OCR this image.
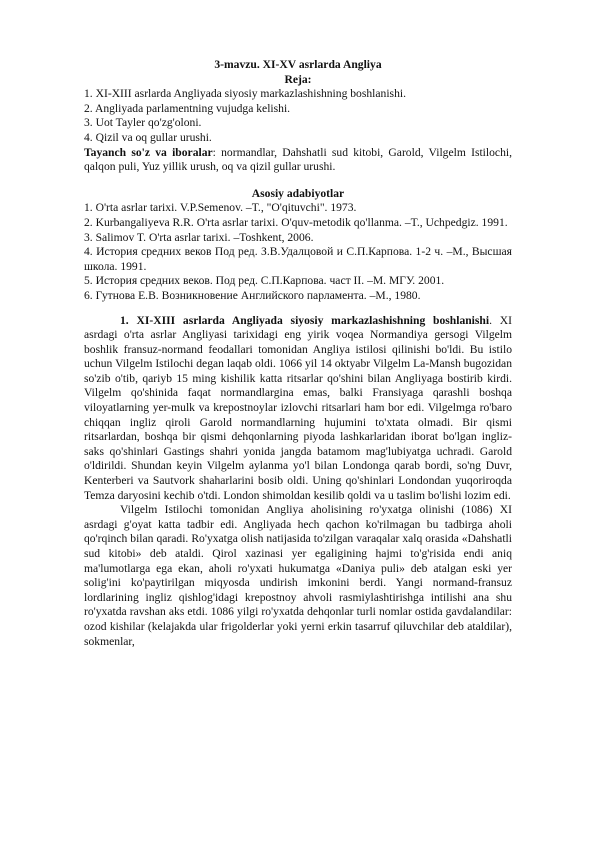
3-mavzu. XI-XV asrlarda Angliya

Reja:

1. XI-XIII asrlarda Angliyada siyosiy markazlashishning boshlanishi.

2. Angliyada parlamentning vujudga kelishi.

3. Uot Tayler qo'zg'oloni.

4. Qizil va oq gullar urushi.

Tayanch so'z va iboralar: normandlar, Dahshatli sud kitobi, Garold, Vilgelm Istilochi, qalqon puli, Yuz yillik urush, oq va qizil gullar urushi.

Asosiy adabiyotlar

1. O'rta asrlar tarixi. V.P.Semenov. –T., "O'qituvchi". 1973.

2. Kurbangaliyeva R.R. O'rta asrlar tarixi. O'quv-metodik qo'llanma. –T., Uchpedgiz. 1991.

3. Salimov T. O'rta asrlar tarixi. –Toshkent, 2006.

4. История средних веков Под ред. З.В.Удалцовой и С.П.Карпова. 1-2 ч. –М., Высшая школа. 1991.

5. История средних веков. Под ред. С.П.Карпова. част II. –М. МГУ. 2001.

6. Гутнова Е.В. Возникновение Английского парламента. –М., 1980.

1. XI-XIII asrlarda Angliyada siyosiy markazlashishning boshlanishi. XI asrdagi o'rta asrlar Angliyasi tarixidagi eng yirik voqea Normandiya gersogi Vilgelm boshlik fransuz-normand feodallari tomonidan Angliya istilosi qilinishi bo'ldi. Bu istilo uchun Vilgelm Istilochi degan laqab oldi. 1066 yil 14 oktyabr Vilgelm La-Mansh bugozidan so'zib o'tib, qariyb 15 ming kishilik katta ritsarlar qo'shini bilan Angliyaga bostirib kirdi. Vilgelm qo'shinida faqat normandlargina emas, balki Fransiyaga qarashli boshqa viloyatlarning yer-mulk va krepostnoylar izlovchi ritsarlari ham bor edi. Vilgelmga ro'baro chiqqan ingliz qiroli Garold normandlarning hujumini to'xtata olmadi. Bir qismi ritsarlardan, boshqa bir qismi dehqonlarning piyoda lashkarlaridan iborat bo'lgan ingliz-saks qo'shinlari Gastings shahri yonida jangda batamom mag'lubiyatga uchradi. Garold o'ldirildi. Shundan keyin Vilgelm aylanma yo'l bilan Londonga qarab bordi, so'ng Duvr, Kenterberi va Sautvork shaharlarini bosib oldi. Uning qo'shinlari Londondan yuqoriroqda Temza daryosini kechib o'tdi. London shimoldan kesilib qoldi va u taslim bo'lishi lozim edi.

Vilgelm Istilochi tomonidan Angliya aholisining ro'yxatga olinishi (1086) XI asrdagi g'oyat katta tadbir edi. Angliyada hech qachon ko'rilmagan bu tadbirga aholi qo'rqinch bilan qaradi. Ro'yxatga olish natijasida to'zilgan varaqalar xalq orasida «Dahshatli sud kitobi» deb ataldi. Qirol xazinasi yer egaligining hajmi to'g'risida endi aniq ma'lumotlarga ega ekan, aholi ro'yxati hukumatga «Daniya puli» deb atalgan eski yer solig'ini ko'paytirilgan miqyosda undirish imkonini berdi. Yangi normand-fransuz lordlarining ingliz qishlog'idagi krepostnoy ahvoli rasmiylashtirishga intilishi ana shu ro'yxatda ravshan aks etdi. 1086 yilgi ro'yxatda dehqonlar turli nomlar ostida gavdalandilar: ozod kishilar (kelajakda ular frigolderlar yoki yerni erkin tasarruf qiluvchilar deb ataldilar), sokmenlar,
